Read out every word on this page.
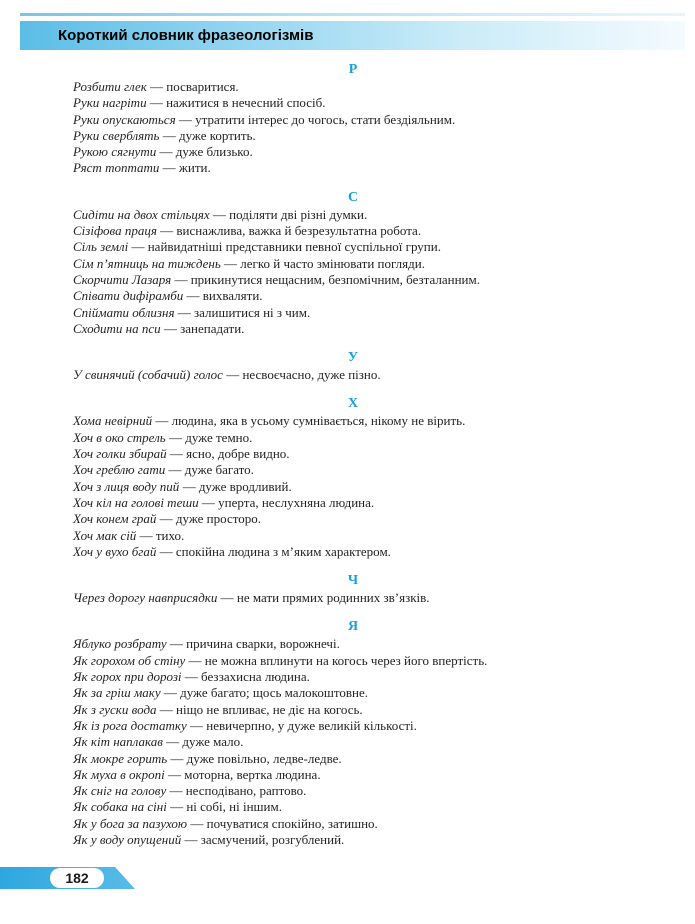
Короткий словник фразеологізмів
Р

Розбити глек — посваритися.

Руки нагріти — нажитися в нечесний спосіб.

Руки опускаються — утратити інтерес до чогось, стати бездіяльним.

Руки сверблять — дуже кортить.

Рукою сягнути — дуже близько.

Ряст топтати — жити.

С

Сидіти на двох стільцях — поділяти дві різні думки.

Сізіфова праця — виснажлива, важка й безрезультатна робота.

Сіль землі — найвидатніші представники певної суспільної групи.

Сім п’ятниць на тиждень — легко й часто змінювати погляди.

Скорчити Лазаря — прикинутися нещасним, безпомічним, безталанним.

Співати дифірамби — вихваляти.

Спіймати облизня — залишитися ні з чим.

Сходити на пси — занепадати.

У

У свинячий (собачий) голос — несвоєчасно, дуже пізно.

Х

Хома невірний — людина, яка в усьому сумнівається, нікому не вірить.

Хоч в око стрель — дуже темно.

Хоч голки збирай — ясно, добре видно.

Хоч греблю гати — дуже багато.

Хоч з лиця воду пий — дуже вродливий.

Хоч кіл на голові теши — уперта, неслухняна людина.

Хоч конем грай — дуже просторо.

Хоч мак сій — тихо.

Хоч у вухо бгай — спокійна людина з м’яким характером.

Ч

Через дорогу навприсядки — не мати прямих родинних зв’язків.

Я

Яблуко розбрату — причина сварки, ворожнечі.

Як горохом об стіну — не можна вплинути на когось через його впертість.

Як горох при дорозі — беззахисна людина.

Як за гріш маку — дуже багато; щось малокоштовне.

Як з гуски вода — ніщо не впливає, не діє на когось.

Як із рога достатку — невичерпно, у дуже великій кількості.

Як кіт наплакав — дуже мало.

Як мокре горить — дуже повільно, ледве-ледве.

Як муха в окропі — моторна, вертка людина.

Як сніг на голову — несподівано, раптово.

Як собака на сіні — ні собі, ні іншим.

Як у бога за пазухою — почуватися спокійно, затишно.

Як у воду опущений — засмучений, розгублений.

182
